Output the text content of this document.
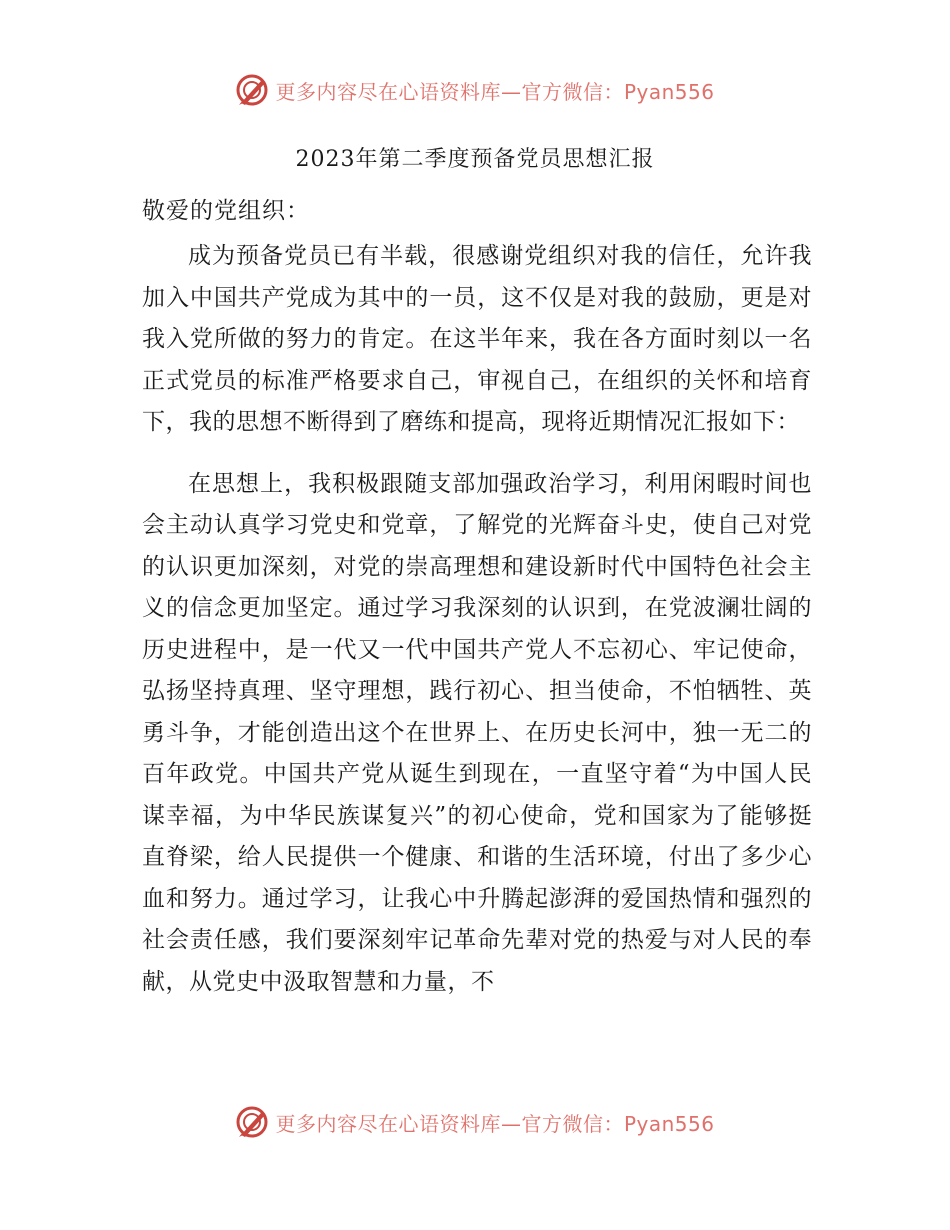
更多内容尽在心语资料库—官方微信：Pyan556
2023年第二季度预备党员思想汇报
敬爱的党组织：

成为预备党员已有半载，很感谢党组织对我的信任，允许我加入中国共产党成为其中的一员，这不仅是对我的鼓励，更是对我入党所做的努力的肯定。在这半年来，我在各方面时刻以一名正式党员的标准严格要求自己，审视自己，在组织的关怀和培育下，我的思想不断得到了磨练和提高，现将近期情况汇报如下：

在思想上，我积极跟随支部加强政治学习，利用闲暇时间也会主动认真学习党史和党章，了解党的光辉奋斗史，使自己对党的认识更加深刻，对党的崇高理想和建设新时代中国特色社会主义的信念更加坚定。通过学习我深刻的认识到，在党波澜壮阔的历史进程中，是一代又一代中国共产党人不忘初心、牢记使命，弘扬坚持真理、坚守理想，践行初心、担当使命，不怕牺牲、英勇斗争，才能创造出这个在世界上、在历史长河中，独一无二的百年政党。中国共产党从诞生到现在，一直坚守着“为中国人民谋幸福，为中华民族谋复兴”的初心使命，党和国家为了能够挺直脊梁，给人民提供一个健康、和谐的生活环境，付出了多少心血和努力。通过学习，让我心中升腾起澎湃的爱国热情和强烈的社会责任感，我们要深刻牢记革命先辈对党的热爱与对人民的奉献，从党史中汲取智慧和力量，不

更多内容尽在心语资料库—官方微信：Pyan556
